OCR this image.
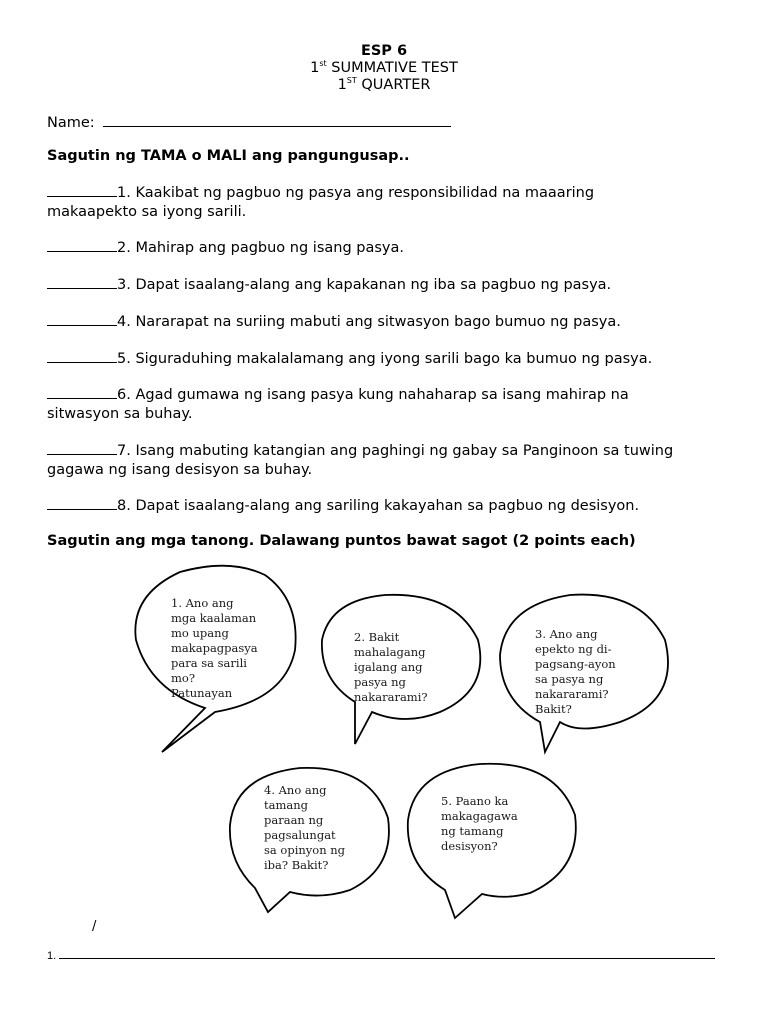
ESP 6
1st SUMMATIVE TEST
1ST QUARTER
Name:
Sagutin ng TAMA o MALI ang pangungusap..
1. Kaakibat ng pagbuo ng pasya ang responsibilidad na maaaring
makaapekto sa iyong sarili.
2. Mahirap ang pagbuo ng isang pasya.
3. Dapat isaalang-alang ang kapakanan ng iba sa pagbuo ng pasya.
4. Nararapat na suriing mabuti ang sitwasyon bago bumuo ng pasya.
5. Siguraduhing makalalamang ang iyong sarili bago ka bumuo ng pasya.
6. Agad gumawa ng isang pasya kung nahaharap sa isang mahirap na
sitwasyon sa buhay.
7. Isang mabuting katangian ang paghingi ng gabay sa Panginoon sa tuwing
gagawa ng isang desisyon sa buhay.
8. Dapat isaalang-alang ang sariling kakayahan sa pagbuo ng desisyon.
Sagutin ang mga tanong. Dalawang puntos bawat sagot (2 points each)
1. Ano ang
mga kaalaman
mo upang
makapagpasya
para sa sarili
mo?
Patunayan
2. Bakit
mahalagang
igalang ang
pasya ng
nakararami?
3. Ano ang
epekto ng di-
pagsang-ayon
sa pasya ng
nakararami?
Bakit?
4. Ano ang
tamang
paraan ng
pagsalungat
sa opinyon ng
iba? Bakit?
5. Paano ka
makagagawa
ng tamang
desisyon?
/
1.
